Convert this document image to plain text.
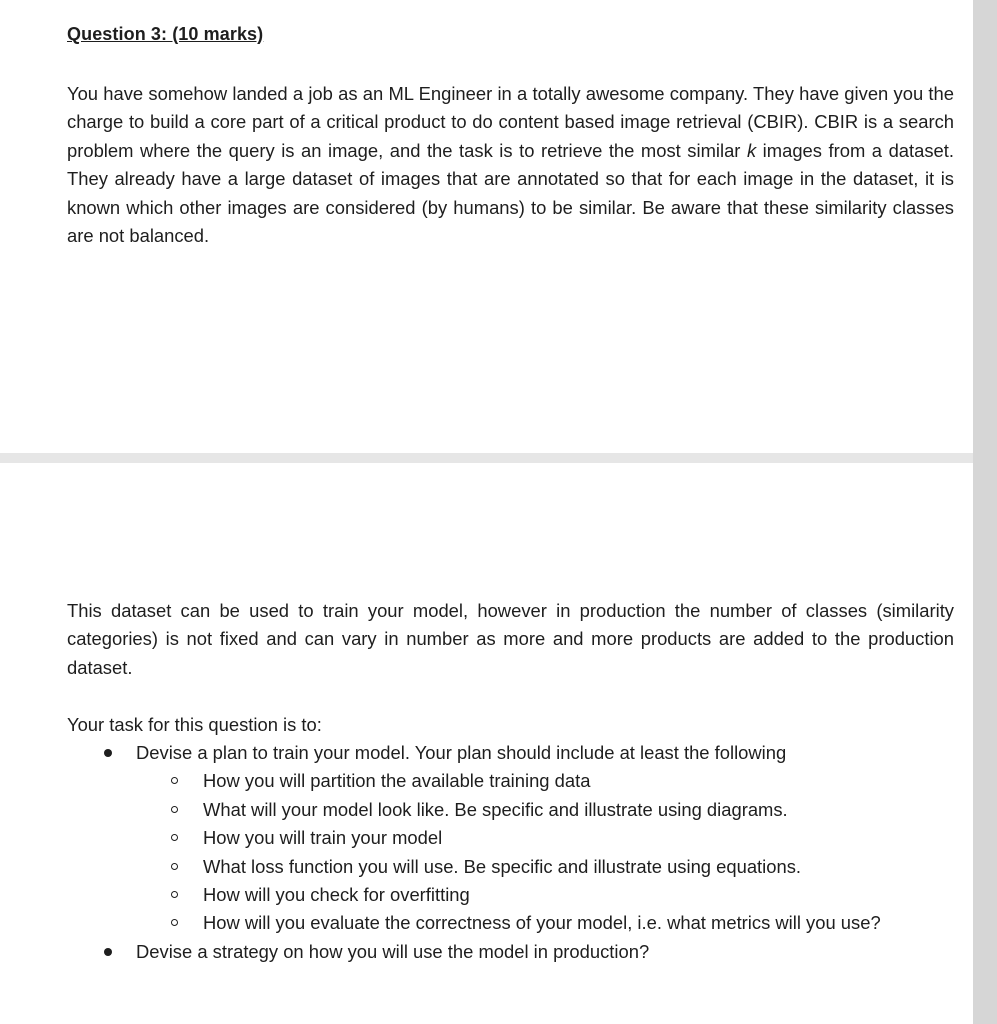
Question 3: (10 marks)

You have somehow landed a job as an ML Engineer in a totally awesome company. They have given you the charge to build a core part of a critical product to do content based image retrieval (CBIR). CBIR is a search problem where the query is an image, and the task is to retrieve the most similar k images from a dataset. They already have a large dataset of images that are annotated so that for each image in the dataset, it is known which other images are considered (by humans) to be similar. Be aware that these similarity classes are not balanced.

This dataset can be used to train your model, however in production the number of classes (similarity categories) is not fixed and can vary in number as more and more products are added to the production dataset.

Your task for this question is to:

Devise a plan to train your model. Your plan should include at least the following
How you will partition the available training data
What will your model look like. Be specific and illustrate using diagrams.
How you will train your model
What loss function you will use. Be specific and illustrate using equations.
How will you check for overfitting
How will you evaluate the correctness of your model, i.e. what metrics will you use?
Devise a strategy on how you will use the model in production?
